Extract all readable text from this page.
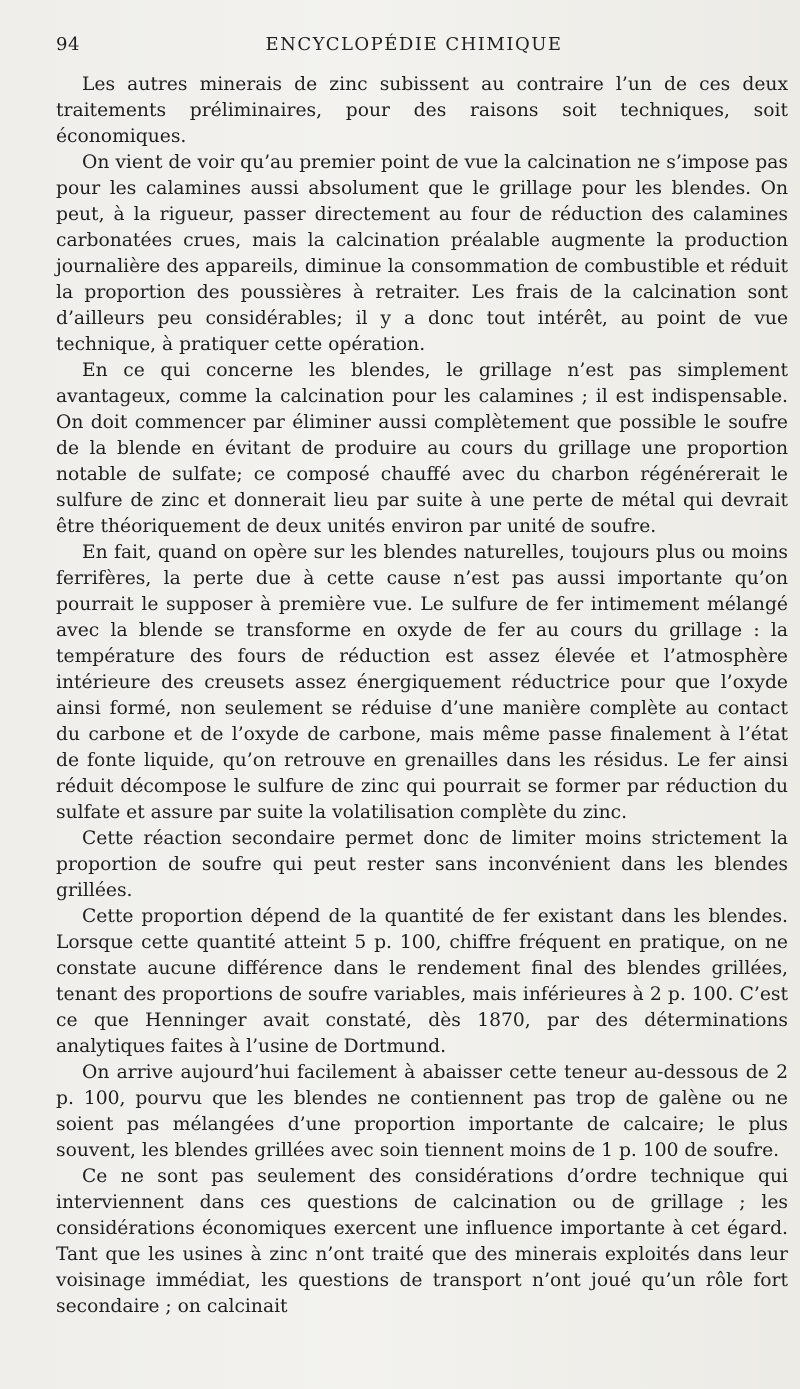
94	ENCYCLOPÉDIE CHIMIQUE

Les autres minerais de zinc subissent au contraire l’un de ces deux traitements préliminaires, pour des raisons soit techniques, soit économiques.

On vient de voir qu’au premier point de vue la calcination ne s’impose pas pour les calamines aussi absolument que le grillage pour les blendes. On peut, à la rigueur, passer directement au four de réduction des calamines carbonatées crues, mais la calcination préalable augmente la production journalière des appareils, diminue la consommation de combustible et réduit la proportion des poussières à retraiter. Les frais de la calcination sont d’ailleurs peu considérables; il y a donc tout intérêt, au point de vue technique, à pratiquer cette opération.

En ce qui concerne les blendes, le grillage n’est pas simplement avantageux, comme la calcination pour les calamines ; il est indispensable. On doit commencer par éliminer aussi complètement que possible le soufre de la blende en évitant de produire au cours du grillage une proportion notable de sulfate; ce composé chauffé avec du charbon régénérerait le sulfure de zinc et donnerait lieu par suite à une perte de métal qui devrait être théoriquement de deux unités environ par unité de soufre.

En fait, quand on opère sur les blendes naturelles, toujours plus ou moins ferrifères, la perte due à cette cause n’est pas aussi importante qu’on pourrait le supposer à première vue. Le sulfure de fer intimement mélangé avec la blende se transforme en oxyde de fer au cours du grillage : la température des fours de réduction est assez élevée et l’atmosphère intérieure des creusets assez énergiquement réductrice pour que l’oxyde ainsi formé, non seulement se réduise d’une manière complète au contact du carbone et de l’oxyde de carbone, mais même passe finalement à l’état de fonte liquide, qu’on retrouve en grenailles dans les résidus. Le fer ainsi réduit décompose le sulfure de zinc qui pourrait se former par réduction du sulfate et assure par suite la volatilisation complète du zinc.

Cette réaction secondaire permet donc de limiter moins strictement la proportion de soufre qui peut rester sans inconvénient dans les blendes grillées.

Cette proportion dépend de la quantité de fer existant dans les blendes. Lorsque cette quantité atteint 5 p. 100, chiffre fréquent en pratique, on ne constate aucune différence dans le rendement final des blendes grillées, tenant des proportions de soufre variables, mais inférieures à 2 p. 100. C’est ce que Henninger avait constaté, dès 1870, par des déterminations analytiques faites à l’usine de Dortmund.

On arrive aujourd’hui facilement à abaisser cette teneur au-dessous de 2 p. 100, pourvu que les blendes ne contiennent pas trop de galène ou ne soient pas mélangées d’une proportion importante de calcaire; le plus souvent, les blendes grillées avec soin tiennent moins de 1 p. 100 de soufre.

Ce ne sont pas seulement des considérations d’ordre technique qui interviennent dans ces questions de calcination ou de grillage ; les considérations économiques exercent une influence importante à cet égard. Tant que les usines à zinc n’ont traité que des minerais exploités dans leur voisinage immédiat, les questions de transport n’ont joué qu’un rôle fort secondaire ; on calcinait
